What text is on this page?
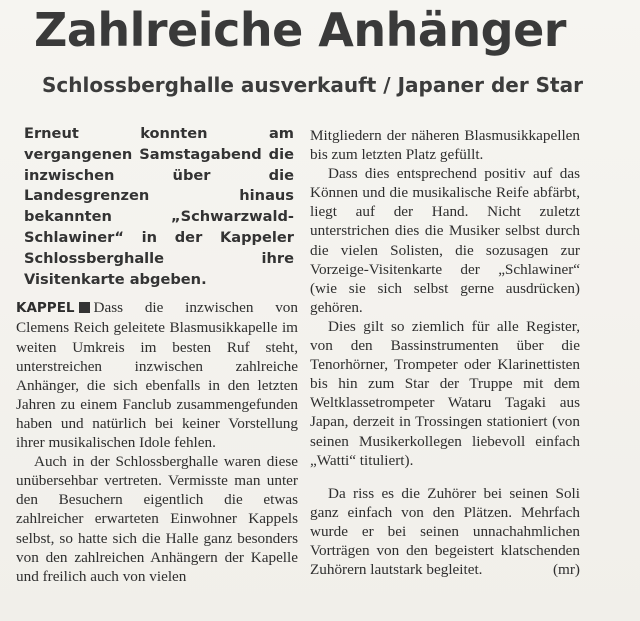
Zahlreiche Anhänger
Schlossberghalle ausverkauft / Japaner der Star

Erneut konnten am vergangenen Samstagabend die inzwischen über die Landesgrenzen hinaus bekannten „Schwarzwald-Schlawiner“ in der Kappeler Schlossberghalle ihre Visitenkarte abgeben.

KAPPEL Dass die inzwischen von Clemens Reich geleitete Blasmusikkapelle im weiten Umkreis im besten Ruf steht, unterstreichen inzwischen zahlreiche Anhänger, die sich ebenfalls in den letzten Jahren zu einem Fanclub zusammengefunden haben und natürlich bei keiner Vorstellung ihrer musikalischen Idole fehlen.

Auch in der Schlossberghalle waren diese unübersehbar vertreten. Vermisste man unter den Besuchern eigentlich die etwas zahlreicher erwarteten Einwohner Kappels selbst, so hatte sich die Halle ganz besonders von den zahlreichen Anhängern der Kapelle und freilich auch von vielen

Mitgliedern der näheren Blasmusikkapellen bis zum letzten Platz gefüllt.

Dass dies entsprechend positiv auf das Können und die musikalische Reife abfärbt, liegt auf der Hand. Nicht zuletzt unterstrichen dies die Musiker selbst durch die vielen Solisten, die sozusagen zur Vorzeige-Visitenkarte der „Schlawiner“ (wie sie sich selbst gerne ausdrücken) gehören.

Dies gilt so ziemlich für alle Register, von den Bassinstrumenten über die Tenorhörner, Trompeter oder Klarinettisten bis hin zum Star der Truppe mit dem Weltklassetrompeter Wataru Tagaki aus Japan, derzeit in Trossingen stationiert (von seinen Musikerkollegen liebevoll einfach „Watti“ tituliert).

Da riss es die Zuhörer bei seinen Soli ganz einfach von den Plätzen. Mehrfach wurde er bei seinen unnachahmlichen Vorträgen von den begeistert klatschenden Zuhörern lautstark begleitet.	(mr)
